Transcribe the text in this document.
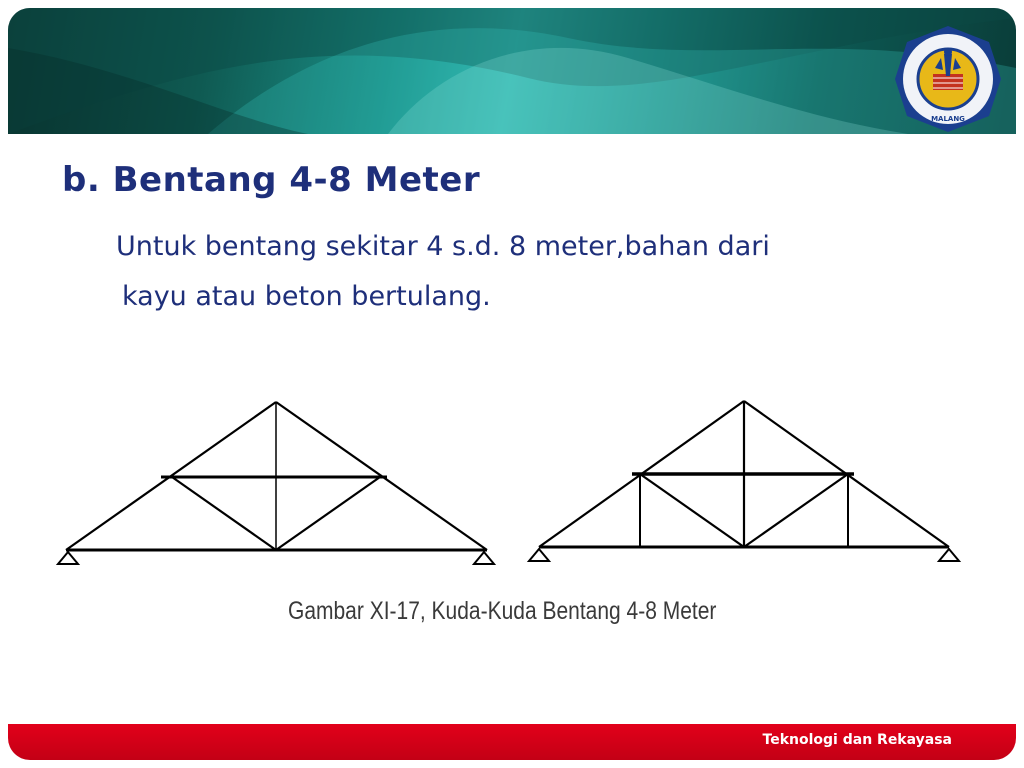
MALANG
b. Bentang 4-8 Meter

Untuk bentang sekitar 4 s.d. 8 meter,bahan dari
kayu atau beton bertulang.

Gambar XI-17, Kuda-Kuda Bentang 4-8 Meter

Teknologi dan Rekayasa
